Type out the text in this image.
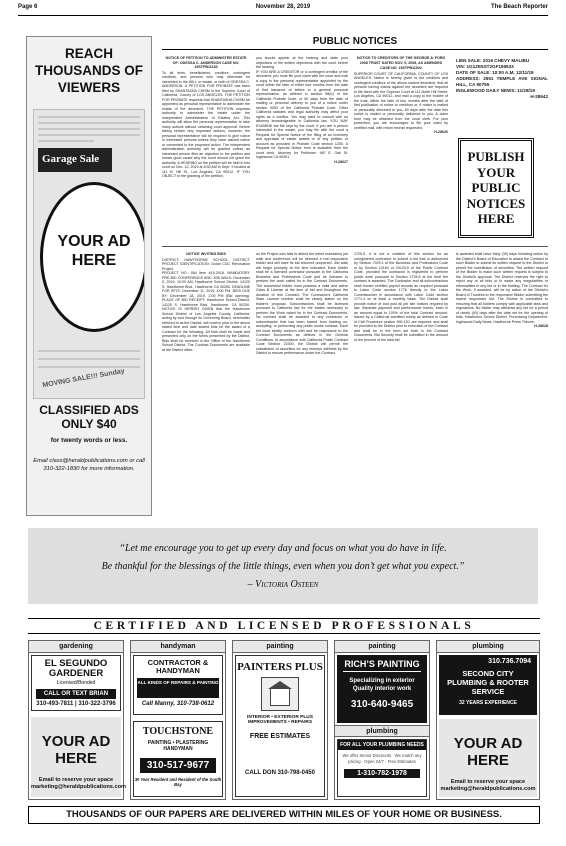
Page 6	November 28, 2019	The Beach Reporter
REACH THOUSANDS OF VIEWERS
Garage Sale
YOUR AD HERE
MOVING SALE!!! Sunday
CLASSIFIED ADS ONLY $40
for twenty words or less.
Email class@heraldpublications.com or call 310-322-1830 for more information.
PUBLIC NOTICES
NOTICE OF PETITION TO ADMINISTER ESTATE OF: ODESSA C. ANDERSON CASE NO. 19STPB11183
To all heirs, beneficiaries, creditors, contingent creditors, and persons who may otherwise be interested in the WILL or estate, or both of ODESSA C. ANDERSON. A PETITION FOR PROBATE has been filed by SHANTASHA CHISM in the Superior Court of California, County of LOS ANGELES. THE PETITION FOR PROBATE requests that SHANTASHA CHISM be appointed as personal representative to administer the estate of the decedent. THE PETITION requests authority to administer the estate under the Independent Administration of Estates Act. This authority will allow the personal representative to take many actions without obtaining court approval. Before taking certain very important actions, however, the personal representative will be required to give notice to interested persons unless they have waived notice or consented to the proposed action. The independent administration authority will be granted unless an interested person files an objection to the petition and shows good cause why the court should not grant the authority. A HEARING on the petition will be held in this court on Dec. 12, 2019 at 8:30 AM in Dept. 9 located at 111 N. Hill St., Los Angeles, CA 90012. IF YOU OBJECT to the granting of the petition,
you should appear at the hearing and state your objections or file written objections with the court before the hearing.
IF YOU ARE A CREDITOR or a contingent creditor of the decedent, you must file your claim with the court and mail a copy to the personal representative appointed by the court within the later of either four months from the date of first issuance of letters to a general personal representative, as defined in section 58(b) of the California Probate Code, or 60 days from the date of mailing or personal delivery to you of a notice under section 9052 of the California Probate Code. Other California statutes and legal authority may affect your rights as a creditor. You may want to consult with an attorney knowledgeable in California law. YOU MAY EXAMINE the file kept by the court. If you are a person interested in the estate, you may file with the court a Request for Special Notice of the filing of an inventory and appraisal of estate assets or of any petition or account as provided in Probate Code section 1250. A Request for Special Notice form is available from the court clerk. Attorney for Petitioner: 967 E. Oak St, Inglewood CA 90301
H-28627
NOTICE TO CREDITORS OF THE GEORGE A. FORD 2008 TRUST DATED NOV. 6, 2008, AS AMENDED
CASE NO. 19STPB11022
SUPERIOR COURT OF CALIFORNIA, COUNTY OF LOS ANGELES. Notice is hereby given to the creditors and contingent creditors of the above-named decedent, that all persons having claims against the decedent are required to file them with the Superior Court at 111 North Hill Street, Los Angeles, CA 90012, and mail a copy to the trustee of the trust, within the later of four months after the date of first publication of notice to creditors or, if notice is mailed or personally delivered to you, 60 days after the date this notice is mailed or personally delivered to you. A claim form may be obtained from the court clerk. For your protection, you are encouraged to file your claim by certified mail, with return receipt requested.
H-28626
LIEN SALE: 2016 CHEVY MALIBU
VIN: 1G1ZE5ST2GF196533
DATE OF SALE: 10:00 A.M. 12/11/19
ADDRESS: 2551 TEMPLE AVE SIGNAL HILL, CA 90755
INGLEWOOD DAILY NEWS: 11/28/19
H-28642
PUBLISH YOUR PUBLIC NOTICES HERE
NOTICE INVITING BIDS
DISTRICT: HAWTHORNE SCHOOL DISTRICT PROJECT IDENTIFICATION: Dolan CDC Renovation Project
PROJECT NO.: Bid Item #19-2018. MANDATORY PRE-BID CONFERENCE AND JOB WALK: December 5, 2019, 10:00 AM, Hawthorne School District, 14120 S. Hawthorne Blvd., Hawthorne CA 90250. DEADLINE FOR RFI'S: December 11, 2019, 4:00 PM. BIDS DUE BY: December 18, 2019, 2:00 PM (Bid opening). PLACE OF BID RECEIPT: Hawthorne School District, 14120 S. Hawthorne Blvd. Hawthorne, CA 90250. NOTICE IS HEREBY GIVEN that the Hawthorne School District of Los Angeles County, California, acting by and through its Governing Board, hereinafter referred to as the District, will receive prior to the above stated time and date sealed bids for the award of a Contract for the following. All bids shall be made and presented only on the forms presented by the District. Bids shall be received in the Office of the Hawthorne School District. The Contract Documents are available at the District office.
on the Project who fails to attend the entire mandatory job walk and conference will be deemed a non-responsive bidder and will have its bid returned unopened. Job walk will begin promptly at the time indicated. Each bidder shall be a licensed contractor pursuant to the California Business and Professions Code and be licensed to perform the work called for in the Contract Documents. The successful bidder must possess a valid and active Class B License at the time of bid and throughout the duration of this Contract. The Contractor's California State License number shall be clearly stated on the bidder's proposal. Subcontractors shall be licensed pursuant to California law for the trades necessary to perform the Work called for in the Contract Documents. No contract shall be awarded to any contractor or subcontractor that has been barred from bidding on, accepting, or performing any public works contract. Each bid must strictly conform with and be responsive to the Contract Documents as defined in the General Conditions. In accordance with California Public Contract Code Section 22300, the District will permit the substitution of securities for any moneys withheld by the District to ensure performance under the Contract.
1725.5. It is not a violation of this section for an unregistered contractor to submit a bid that is authorized by Section 7029.1 of the Business and Professions Code or by Section 10164 or 20103.5 of the Public Contract Code, provided the contractor is registered to perform public work pursuant to Section 1725.5 at the time the contract is awarded. The Contractor and all subcontractors shall furnish certified payroll records as required pursuant to Labor Code section 1776 directly to the Labor Commissioner in accordance with Labor Code section 1771.4 on at least a monthly basis. The District shall provide notice of and post all job site notices required by law. Separate payment and performance bonds, each in an amount equal to 100% of the total Contract amount, issued by a California admitted surety as defined in Code of Civil Procedure section 995.120, are required, and shall be provided to the District prior to execution of the Contract and shall be in the form set forth in the Contract Documents. Bid Security shall be submitted in the amount of ten percent of the total bid.
is awarded shall have thirty (30) days following action by the District's Board of Education to award the Contract to such Bidder to submit its written request to the District to permit the substitution of securities. The written request of the Bidder to make such written request is subject to the District's approval. The District reserves the right to reject any or all bids or to waive any irregularities or informalities in any bid or in the bidding. The Contract for the Work, if awarded, will be by action of the District's Board of Trustees to the responsive Bidder submitting the lowest responsive bid. The District is committed to ensuring that all bidders comply with applicable laws and regulations. No bidder may withdraw any bid for a period of ninety (90) days after the date set for the opening of bids. Hawthorne School District, Purchasing Department. Inglewood Daily News, Hawthorne Press Tribune.
H-28628
“Let me encourage you to get up every day and focus on what you do have in life.
Be thankful for the blessings of the little things, even when you don’t get what you expect.”
– Victoria Osteen
CERTIFIED AND LICENSED PROFESSIONALS
gardening
EL SEGUNDO GARDENER
Licensed/Bonded
CALL OR TEXT BRIAN
310-493-7811 | 310-322-3796
YOUR AD HERE
Email to reserve your space marketing@heraldpublications.com
handyman
CONTRACTOR & HANDYMAN
ALL KINDS OF REPAIRS & PAINTING
Call Manny, 310-738-0612
TOUCHSTONE
PAINTING • PLASTERING HANDYMAN
310-517-9677
30 Year Resident and Resident of the South Bay
painting
PAINTERS PLUS
INTERIOR • EXTERIOR PLUS IMPROVEMENTS • REPAIRS
FREE ESTIMATES
CALL DON 310-798-0450
painting
RICH’S PAINTING
Specializing in exterior Quality interior work
310-640-9465
plumbing
FOR ALL YOUR PLUMBING NEEDS
We offer Senior Discounts · We match any pricing · Open 24/7 · Free Estimates
1-310-782-1978
plumbing
310.736.7094
SECOND CITY PLUMBING & ROOTER SERVICE
32 YEARS EXPERIENCE
YOUR AD HERE
Email to reserve your space marketing@heraldpublications.com
THOUSANDS OF OUR PAPERS ARE DELIVERED WITHIN MILES OF YOUR HOME OR BUSINESS.
